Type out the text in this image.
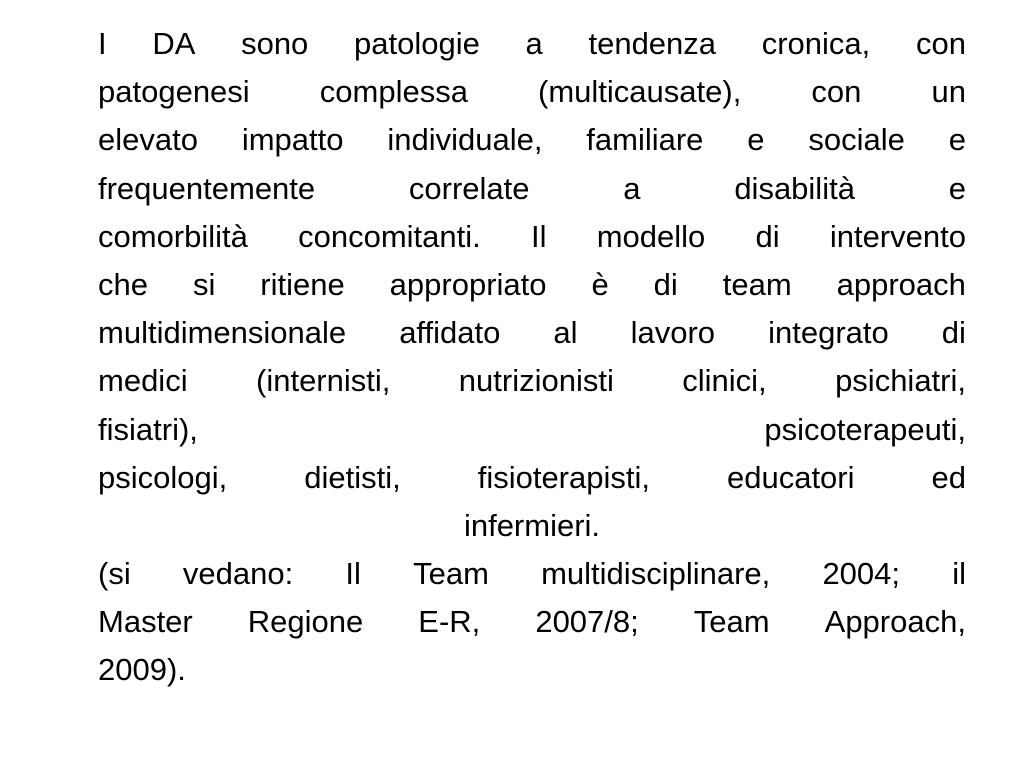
I DA sono patologie a tendenza cronica, con
patogenesi complessa (multicausate), con un
elevato impatto individuale, familiare e sociale e
frequentemente	correlate	a	disabilità	e
comorbilità concomitanti. Il modello di intervento
che si ritiene appropriato è di team approach
multidimensionale affidato al lavoro integrato di
medici (internisti, nutrizionisti clinici, psichiatri,
fisiatri),	psicoterapeuti,
psicologi, dietisti, fisioterapisti, educatori ed
infermieri.
(si vedano: Il Team multidisciplinare, 2004; il
Master Regione E-R, 2007/8; Team Approach,
2009).
